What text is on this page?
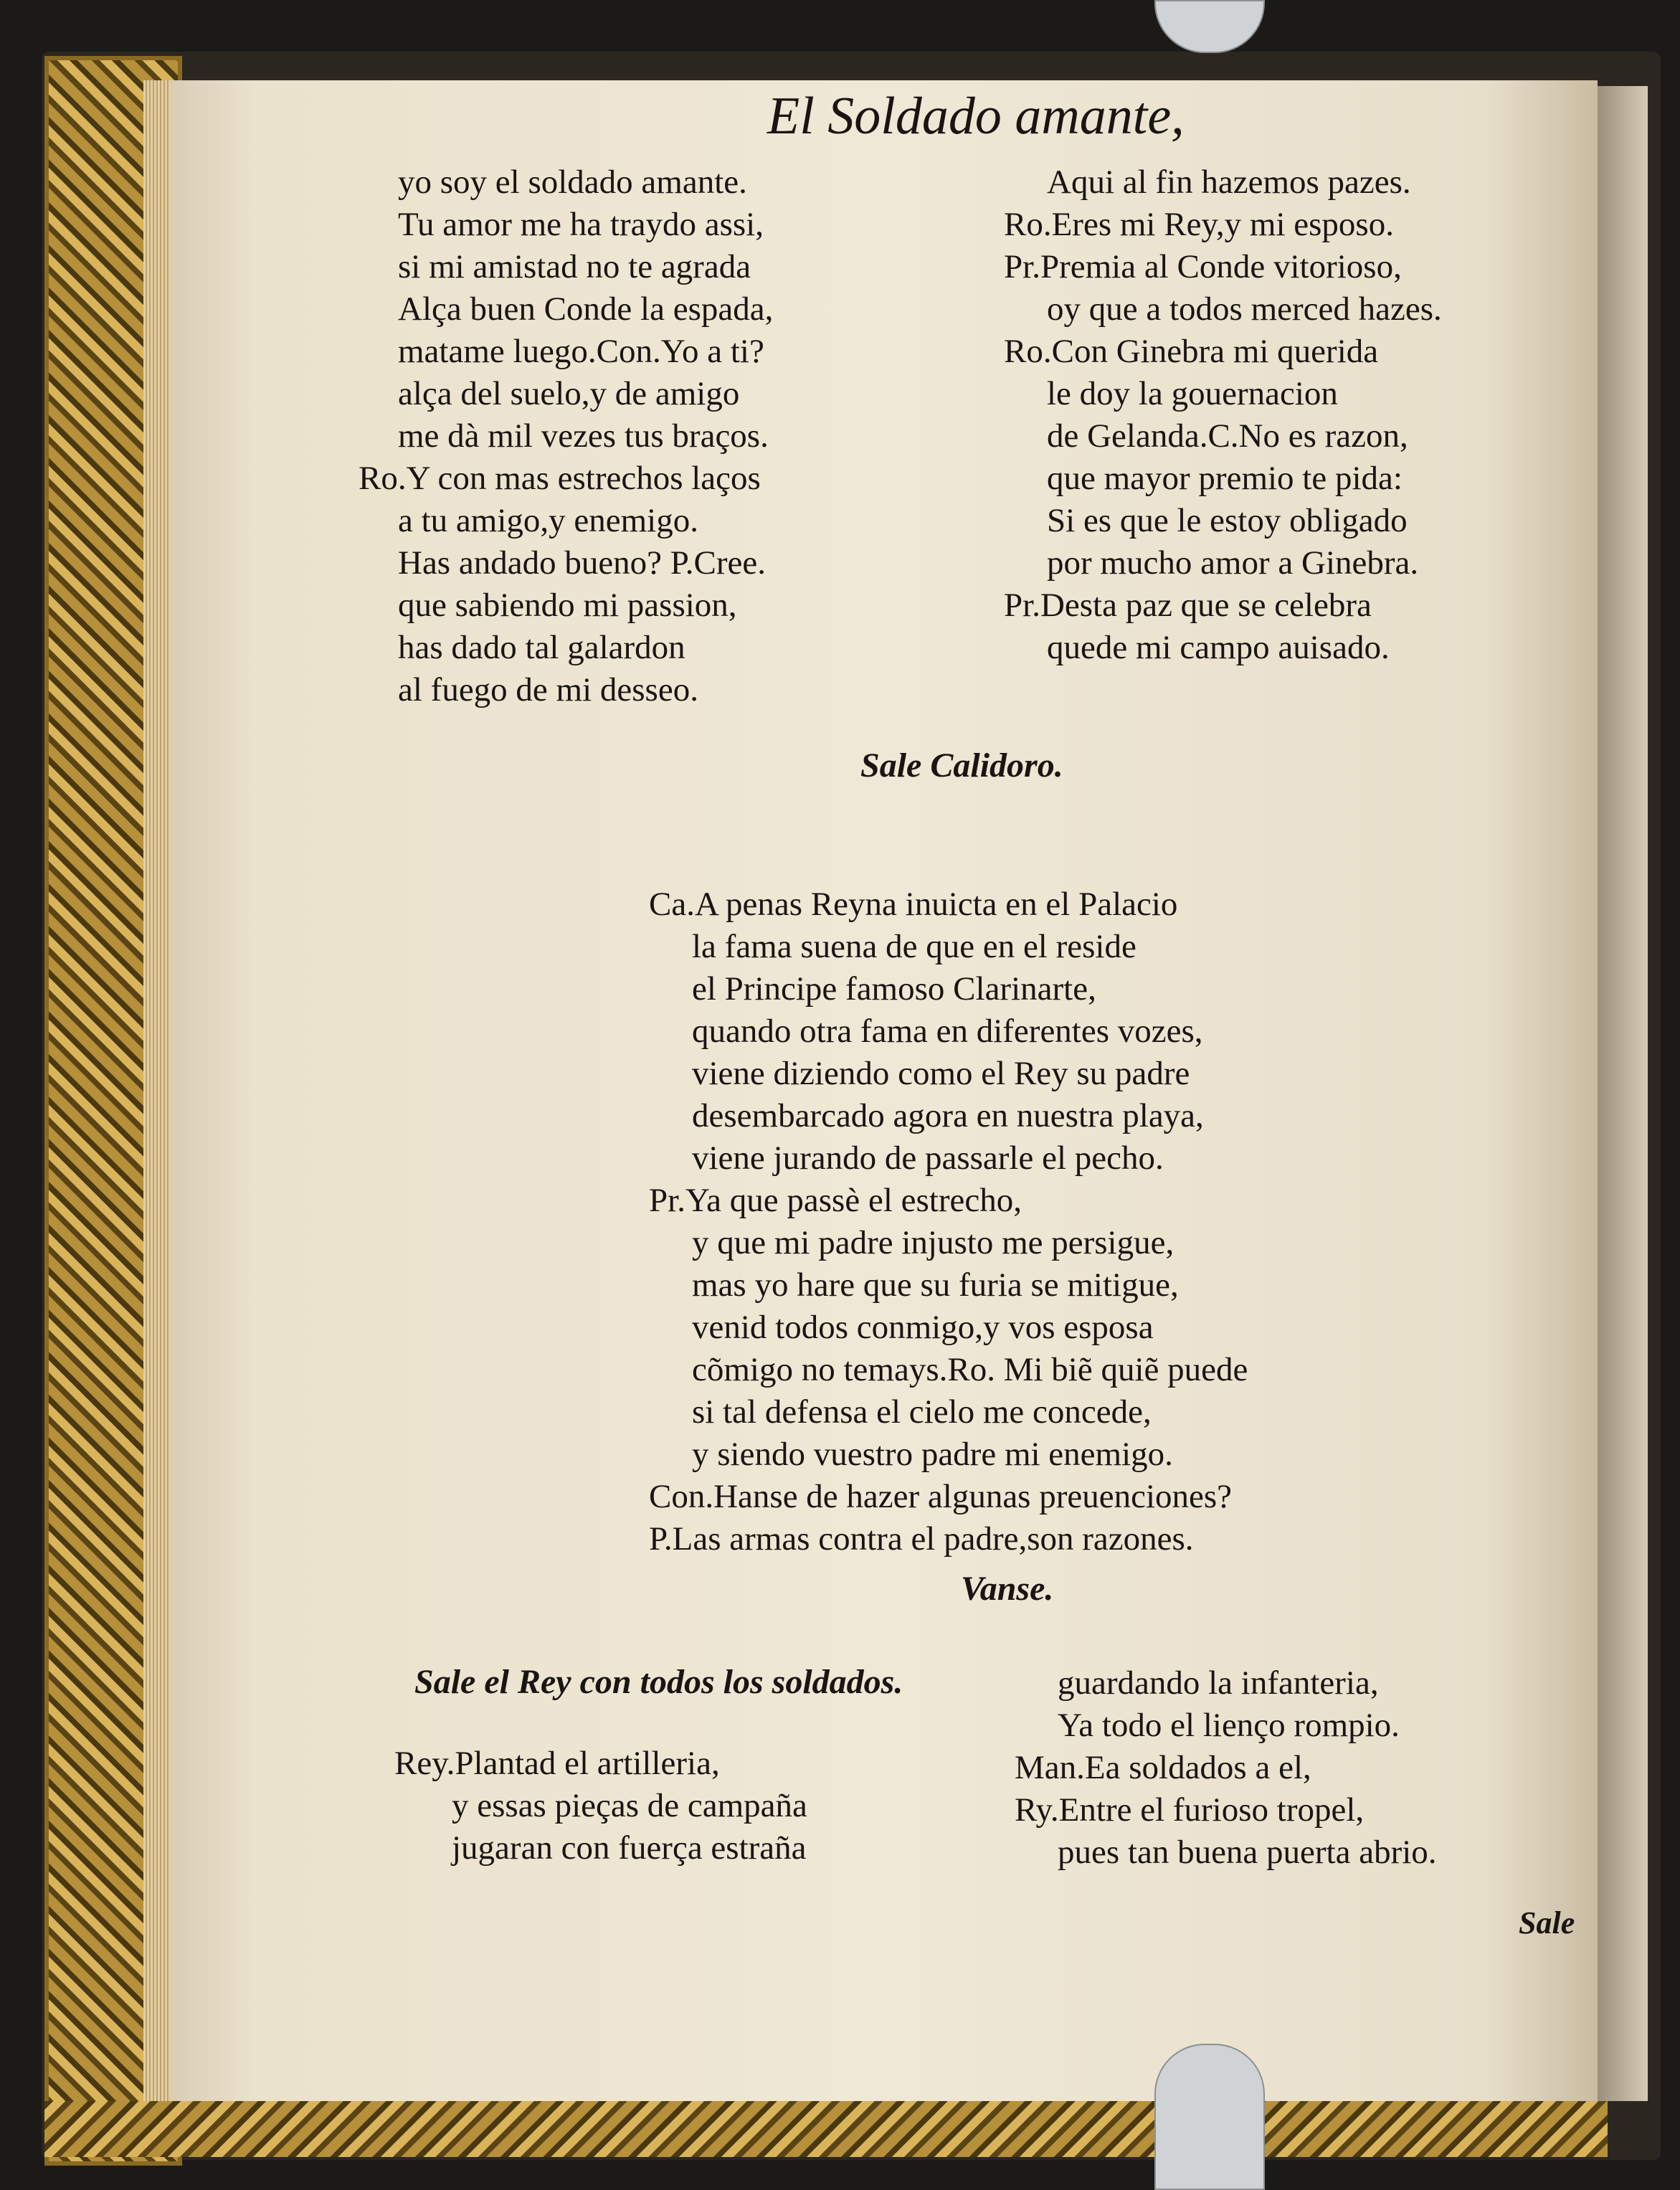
El Soldado amante,
yo soy el soldado amante.
Tu amor me ha traydo assi,
si mi amistad no te agrada
Alça buen Conde la espada,
matame luego.Con.Yo a ti?
alça del suelo,y de amigo
me dà mil vezes tus braços.
Ro.Y con mas estrechos laços
a tu amigo,y enemigo.
Has andado bueno? P.Cree.
que sabiendo mi passion,
has dado tal galardon
al fuego de mi desseo.
Aqui al fin hazemos pazes.
Ro.Eres mi Rey,y mi esposo.
Pr.Premia al Conde vitorioso,
oy que a todos merced hazes.
Ro.Con Ginebra mi querida
le doy la gouernacion
de Gelanda.C.No es razon,
que mayor premio te pida:
Si es que le estoy obligado
por mucho amor a Ginebra.
Pr.Desta paz que se celebra
quede mi campo auisado.
Sale Calidoro.
Ca.A penas Reyna inuicta en el Palacio
la fama suena de que en el reside
el Principe famoso Clarinarte,
quando otra fama en diferentes vozes,
viene diziendo como el Rey su padre
desembarcado agora en nuestra playa,
viene jurando de passarle el pecho.
Pr.Ya que passè el estrecho,
y que mi padre injusto me persigue,
mas yo hare que su furia se mitigue,
venid todos conmigo,y vos esposa
cõmigo no temays.Ro. Mi biẽ quiẽ puede
si tal defensa el cielo me concede,
y siendo vuestro padre mi enemigo.
Con.Hanse de hazer algunas preuenciones?
P.Las armas contra el padre,son razones.
Vanse.
Sale el Rey con todos los soldados.
Rey.Plantad el artilleria,
y essas pieças de campaña
jugaran con fuerça estraña
guardando la infanteria,
Ya todo el lienço rompio.
Man.Ea soldados a el,
Ry.Entre el furioso tropel,
pues tan buena puerta abrio.
Sale
